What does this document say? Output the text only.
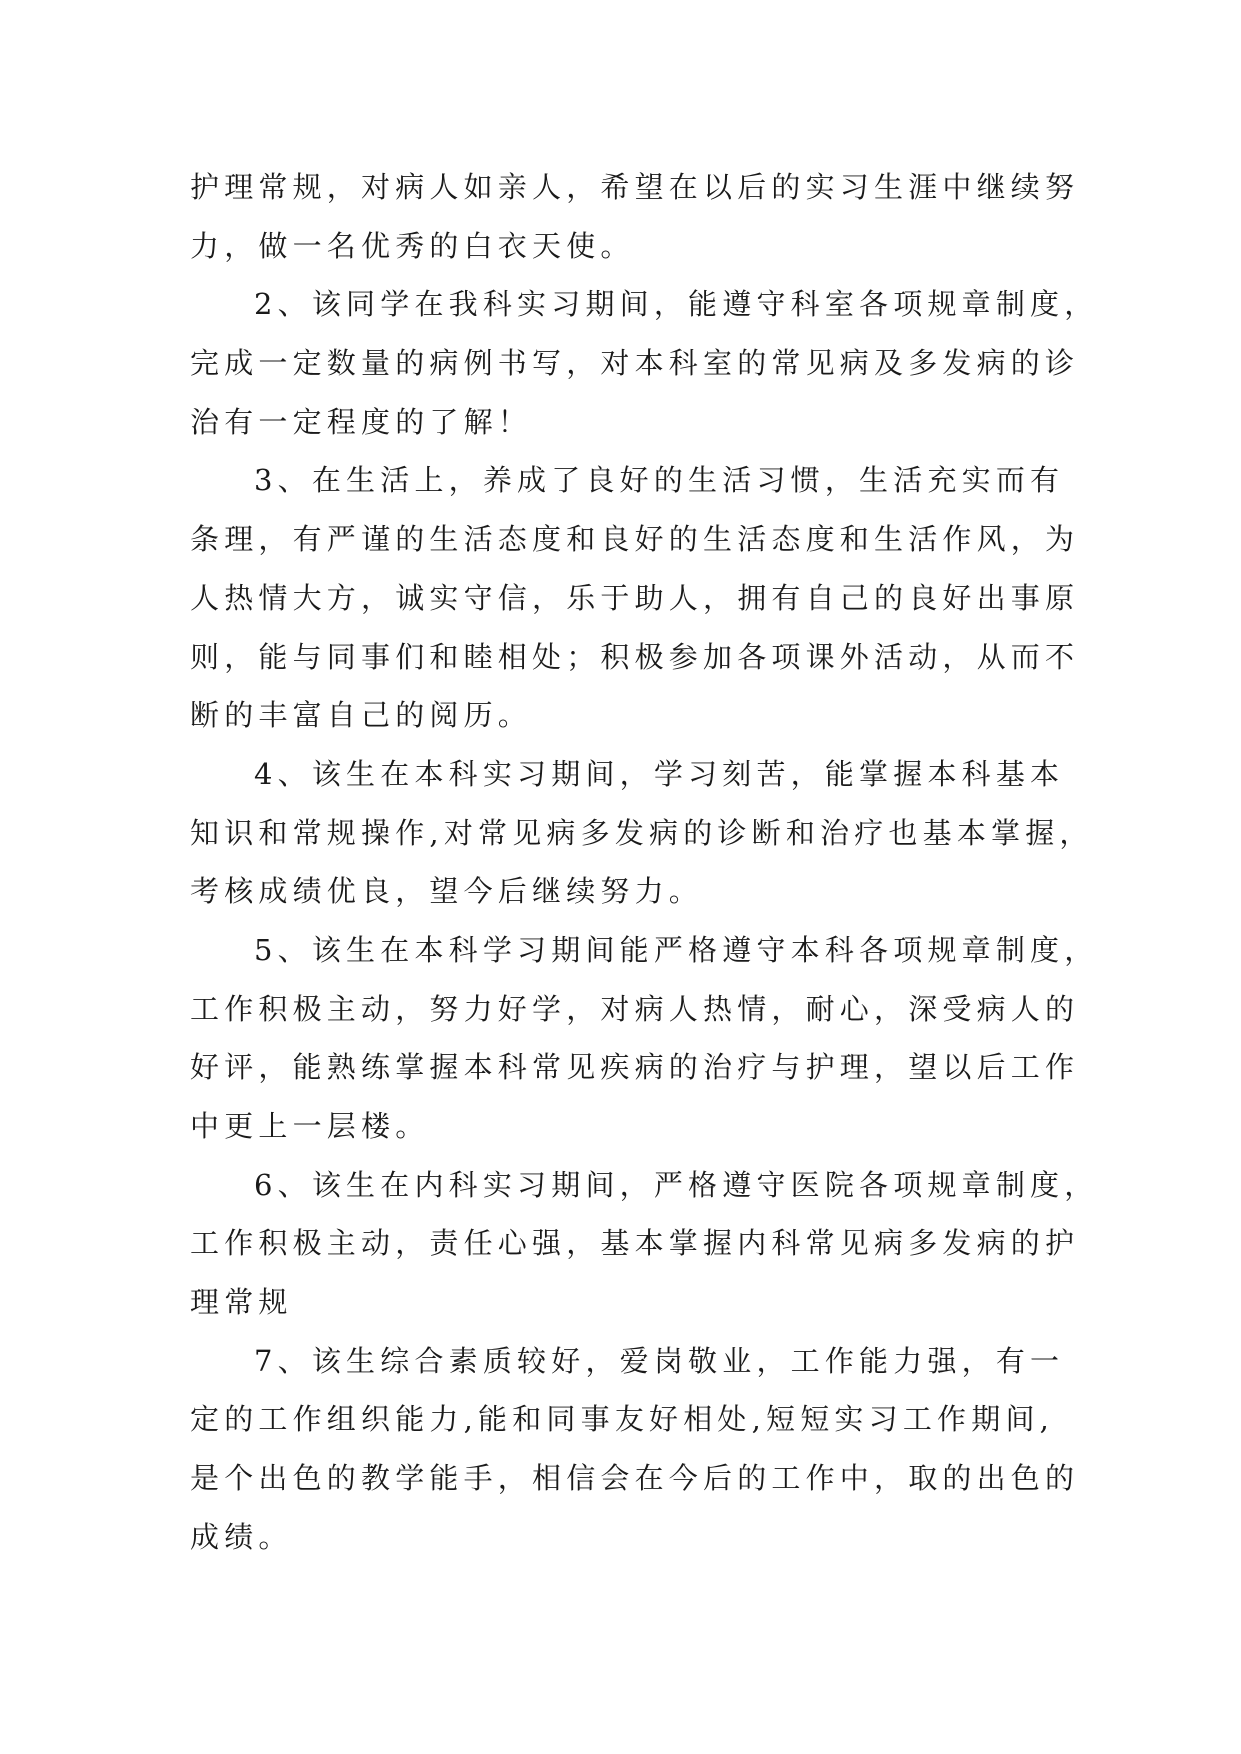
护理常规，对病人如亲人，希望在以后的实习生涯中继续努
力，做一名优秀的白衣天使。
2、该同学在我科实习期间，能遵守科室各项规章制度，
完成一定数量的病例书写，对本科室的常见病及多发病的诊
治有一定程度的了解！
3、在生活上，养成了良好的生活习惯，生活充实而有
条理，有严谨的生活态度和良好的生活态度和生活作风，为
人热情大方，诚实守信，乐于助人，拥有自己的良好出事原
则，能与同事们和睦相处；积极参加各项课外活动，从而不
断的丰富自己的阅历。
4、该生在本科实习期间，学习刻苦，能掌握本科基本
知识和常规操作,对常见病多发病的诊断和治疗也基本掌握，
考核成绩优良，望今后继续努力。
5、该生在本科学习期间能严格遵守本科各项规章制度，
工作积极主动，努力好学，对病人热情，耐心，深受病人的
好评，能熟练掌握本科常见疾病的治疗与护理，望以后工作
中更上一层楼。
6、该生在内科实习期间，严格遵守医院各项规章制度，
工作积极主动，责任心强，基本掌握内科常见病多发病的护
理常规
7、该生综合素质较好，爱岗敬业，工作能力强，有一
定的工作组织能力,能和同事友好相处,短短实习工作期间,
是个出色的教学能手，相信会在今后的工作中，取的出色的
成绩。
